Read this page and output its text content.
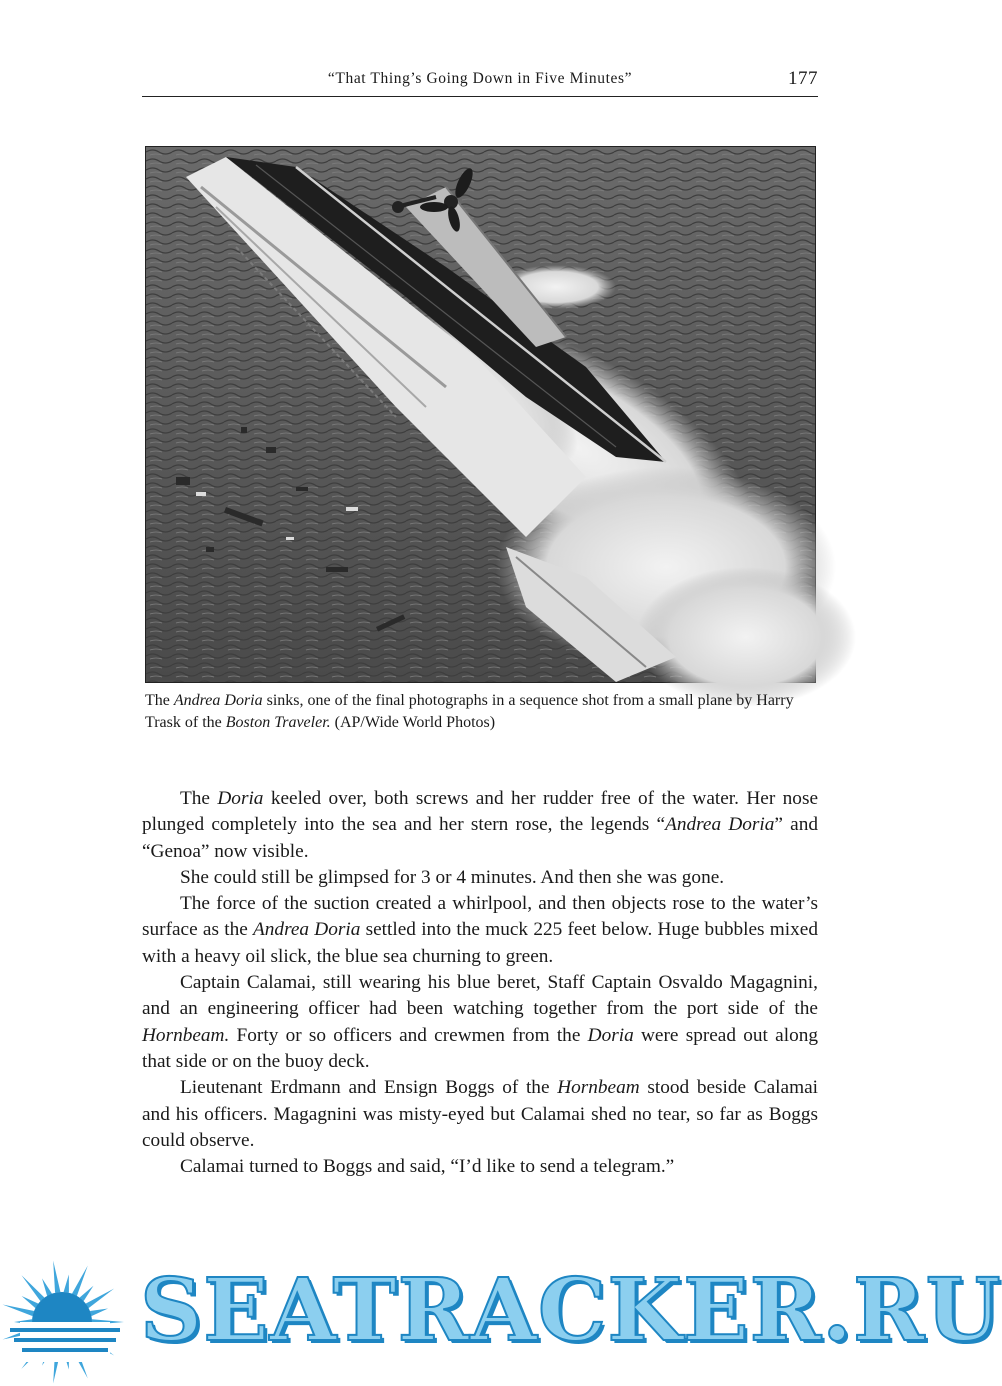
“That Thing’s Going Down in Five Minutes”	177
The Andrea Doria sinks, one of the final photographs in a sequence shot from a small plane by Harry Trask of the Boston Traveler. (AP/Wide World Photos)

The Doria keeled over, both screws and her rudder free of the water. Her nose plunged completely into the sea and her stern rose, the legends “Andrea Doria” and “Genoa” now visible.

She could still be glimpsed for 3 or 4 minutes. And then she was gone.

The force of the suction created a whirlpool, and then objects rose to the water’s surface as the Andrea Doria settled into the muck 225 feet below. Huge bubbles mixed with a heavy oil slick, the blue sea churning to green.

Captain Calamai, still wearing his blue beret, Staff Captain Osvaldo Magagnini, and an engineering officer had been watching together from the port side of the Hornbeam. Forty or so officers and crewmen from the Doria were spread out along that side or on the buoy deck.

Lieutenant Erdmann and Ensign Boggs of the Hornbeam stood beside Calamai and his officers. Magagnini was misty-eyed but Calamai shed no tear, so far as Boggs could observe.

Calamai turned to Boggs and said, “I’d like to send a telegram.”

SEATRACKER.RU
